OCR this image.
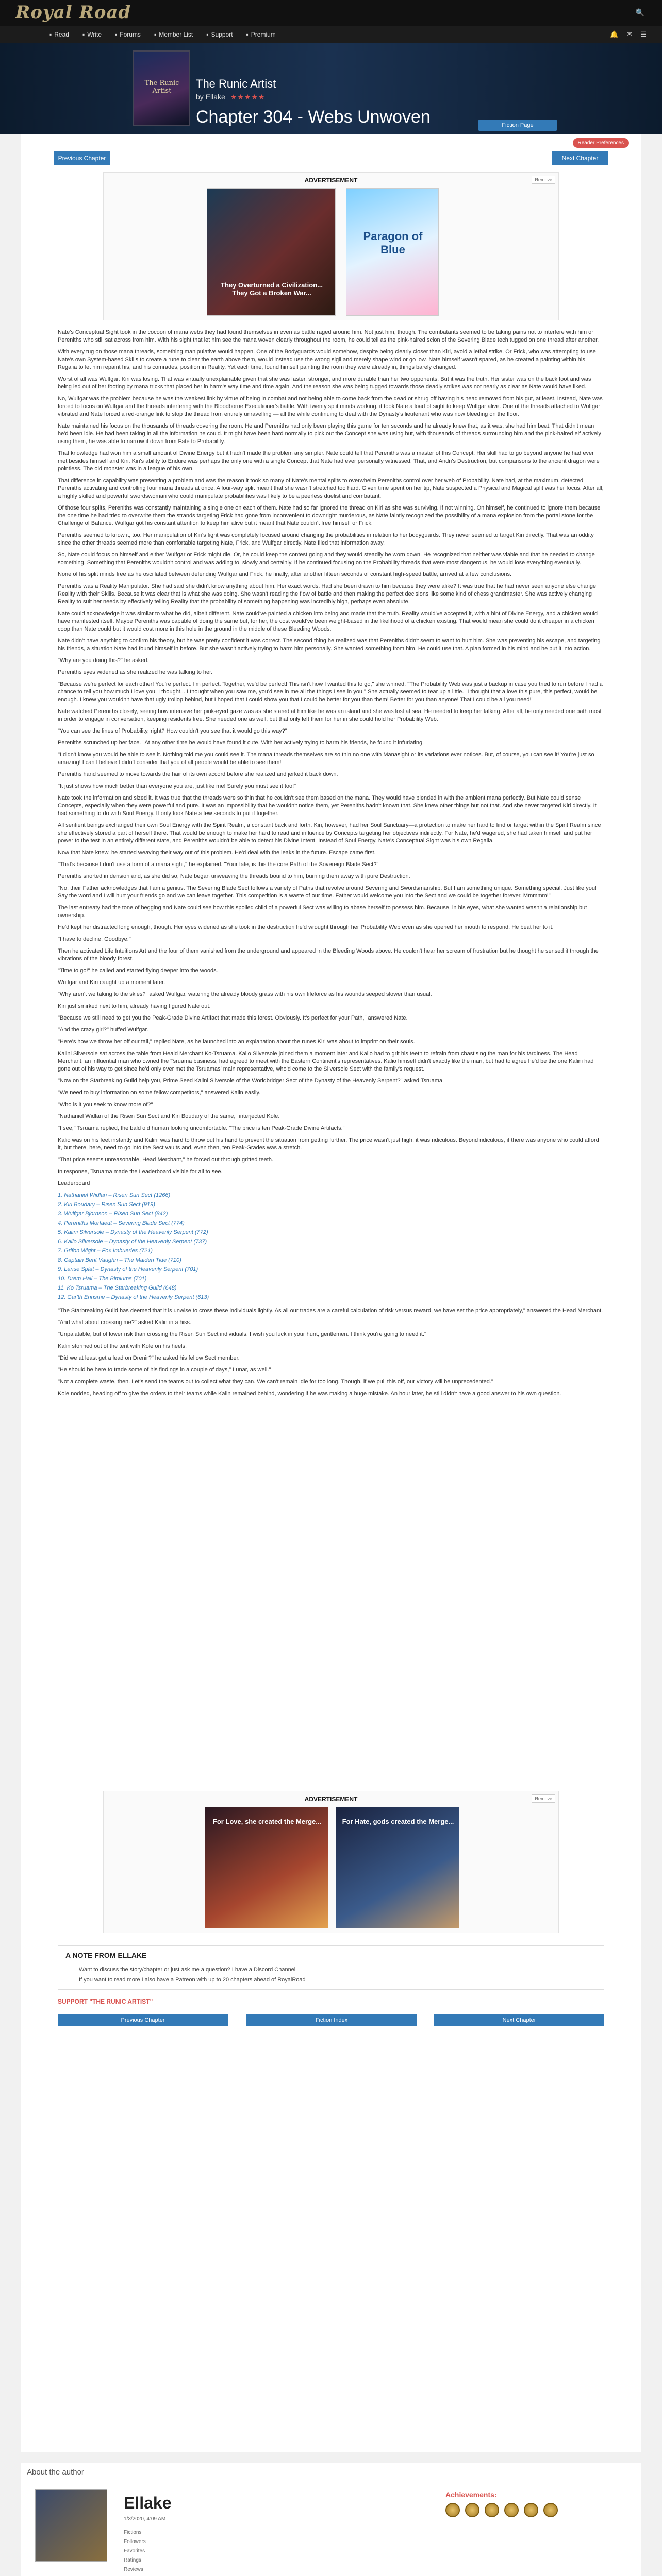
Royal Road	🔍
▪ Read ▪ Write ▪ Forums ▪ Member List ▪ Support ▪ Premium	🔔 ✉ ☰
The Runic Artist
The Runic Artist
by Ellake ★★★★★
Chapter 304 - Webs Unwoven	Fiction Page
Reader Preferences
Previous Chapter	Next Chapter
ADVERTISEMENT	Remove
They Overturned a Civilization... They Got a Broken War...
Paragon of Blue

Nate's Conceptual Sight took in the cocoon of mana webs they had found themselves in even as battle raged around him. Not just him, though. The combatants seemed to be taking pains not to interfere with him or Pereniths who still sat across from him. With his sight that let him see the mana woven clearly throughout the room, he could tell as the pink-haired scion of the Severing Blade tech tugged on one thread after another.

With every tug on those mana threads, something manipulative would happen. One of the Bodyguards would somehow, despite being clearly closer than Kiri, avoid a lethal strike. Or Frick, who was attempting to use Nate's own System-based Skills to create a rune to clear the earth above them, would instead use the wrong sigil and merely shape wind or go low. Nate himself wasn't spared, as he created a painting within his Regalia to let him repaint his, and his comrades, position in Reality. Yet each time, found himself painting the room they were already in, things barely changed.

Worst of all was Wulfgar. Kiri was losing. That was virtually unexplainable given that she was faster, stronger, and more durable than her two opponents. But it was the truth. Her sister was on the back foot and was being led out of her footing by mana tricks that placed her in harm's way time and time again. And the reason she was being tugged towards those deadly strikes was not nearly as clear as Nate would have liked.

No, Wulfgar was the problem because he was the weakest link by virtue of being in combat and not being able to come back from the dead or shrug off having his head removed from his gut, at least. Instead, Nate was forced to focus on Wulfgar and the threads interfering with the Bloodborne Executioner's battle. With twenty split minds working, it took Nate a load of sight to keep Wulfgar alive. One of the threads attached to Wulfgar vibrated and Nate forced a red-orange link to stop the thread from entirely unravelling — all the while continuing to deal with the Dynasty's lieutenant who was now bleeding on the floor.

Nate maintained his focus on the thousands of threads covering the room. He and Pereniths had only been playing this game for ten seconds and he already knew that, as it was, she had him beat. That didn't mean he'd been idle. He had been taking in all the information he could. It might have been hard normally to pick out the Concept she was using but, with thousands of threads surrounding him and the pink-haired elf actively using them, he was able to narrow it down from Fate to Probability.

That knowledge had won him a small amount of Divine Energy but it hadn't made the problem any simpler. Nate could tell that Pereniths was a master of this Concept. Her skill had to go beyond anyone he had ever met besides himself and Kiri. Kiri's ability to Endure was perhaps the only one with a single Concept that Nate had ever personally witnessed. That, and Andri's Destruction, but comparisons to the ancient dragon were pointless. The old monster was in a league of his own.

That difference in capability was presenting a problem and was the reason it took so many of Nate's mental splits to overwhelm Pereniths control over her web of Probability. Nate had, at the maximum, detected Pereniths activating and controlling four mana threads at once. A four-way split meant that she wasn't stretched too hard. Given time spent on her tip, Nate suspected a Physical and Magical split was her focus. After all, a highly skilled and powerful swordswoman who could manipulate probabilities was likely to be a peerless duelist and combatant.

Of those four splits, Pereniths was constantly maintaining a single one on each of them. Nate had so far ignored the thread on Kiri as she was surviving. If not winning. On himself, he continued to ignore them because the one time he had tried to overwrite them the strands targeting Frick had gone from inconvenient to downright murderous, as Nate faintly recognized the possibility of a mana explosion from the portal stone for the Challenge of Balance. Wulfgar got his constant attention to keep him alive but it meant that Nate couldn't free himself or Frick.

Pereniths seemed to know it, too. Her manipulation of Kiri's fight was completely focused around changing the probabilities in relation to her bodyguards. They never seemed to target Kiri directly. That was an oddity since the other threads seemed more than comfortable targeting Nate, Frick, and Wulfgar directly. Nate filed that information away.

So, Nate could focus on himself and either Wulfgar or Frick might die. Or, he could keep the contest going and they would steadily be worn down. He recognized that neither was viable and that he needed to change something. Something that Pereniths wouldn't control and was adding to, slowly and certainly. If he continued focusing on the Probability threads that were most dangerous, he would lose everything eventually.

None of his split minds free as he oscillated between defending Wulfgar and Frick, he finally, after another fifteen seconds of constant high-speed battle, arrived at a few conclusions.

Pereniths was a Reality Manipulator. She had said she didn't know anything about him. Her exact words. Had she been drawn to him because they were alike? It was true that he had never seen anyone else change Reality with their Skills. Because it was clear that is what she was doing. She wasn't reading the flow of battle and then making the perfect decisions like some kind of chess grandmaster. She was actively changing Reality to suit her needs by effectively telling Reality that the probability of something happening was incredibly high, perhaps even absolute.

Nate could acknowledge it was similar to what he did, albeit different. Nate could've painted a chicken into being and made that the truth. Reality would've accepted it, with a hint of Divine Energy, and a chicken would have manifested itself. Maybe Pereniths was capable of doing the same but, for her, the cost would've been weight-based in the likelihood of a chicken existing. That would mean she could do it cheaper in a chicken coop than Nate could but it would cost more in this hole in the ground in the middle of these Bleeding Woods.

Nate didn't have anything to confirm his theory, but he was pretty confident it was correct. The second thing he realized was that Pereniths didn't seem to want to hurt him. She was preventing his escape, and targeting his friends, a situation Nate had found himself in before. But she wasn't actively trying to harm him personally. She wanted something from him. He could use that. A plan formed in his mind and he put it into action.

"Why are you doing this?" he asked.

Pereniths eyes widened as she realized he was talking to her.

"Because we're perfect for each other! You're perfect. I'm perfect. Together, we'd be perfect! This isn't how I wanted this to go," she whined. "The Probability Web was just a backup in case you tried to run before I had a chance to tell you how much I love you. I thought... I thought when you saw me, you'd see in me all the things I see in you." She actually seemed to tear up a little. "I thought that a love this pure, this perfect, would be enough. I knew you wouldn't have that ugly trollop behind, but I hoped that I could show you that I could be better for you than them! Better for you than anyone! That I could be all you need!"

Nate watched Pereniths closely, seeing how intensive her pink-eyed gaze was as she stared at him like he was an island and she was lost at sea. He needed to keep her talking. After all, he only needed one path most in order to engage in conversation, keeping residents free. She needed one as well, but that only left them for her in she could hold her Probability Web.

"You can see the lines of Probability, right? How couldn't you see that it would go this way?"

Pereniths scrunched up her face. "At any other time he would have found it cute. With her actively trying to harm his friends, he found it infuriating.

"I didn't know you would be able to see it. Nothing told me you could see it. The mana threads themselves are so thin no one with Manasight or its variations ever notices. But, of course, you can see it! You're just so amazing! I can't believe I didn't consider that you of all people would be able to see them!"

Pereniths hand seemed to move towards the hair of its own accord before she realized and jerked it back down.

"It just shows how much better than everyone you are, just like me! Surely you must see it too!"

Nate took the information and sized it. It was true that the threads were so thin that he couldn't see them based on the mana. They would have blended in with the ambient mana perfectly. But Nate could sense Concepts, especially when they were powerful and pure. It was an impossibility that he wouldn't notice them, yet Pereniths hadn't known that. She knew other things but not that. And she never targeted Kiri directly. It had something to do with Soul Energy. It only took Nate a few seconds to put it together.

All sentient beings exchanged their own Soul Energy with the Spirit Realm, a constant back and forth. Kiri, however, had her Soul Sanctuary—a protection to make her hard to find or target within the Spirit Realm since she effectively stored a part of herself there. That would be enough to make her hard to read and influence by Concepts targeting her objectives indirectly. For Nate, he'd wagered, she had taken himself and put her power to the test in an entirely different state, and Pereniths wouldn't be able to detect his Divine Intent. Instead of Soul Energy, Nate's Conceptual Sight was his own Regalia.

Now that Nate knew, he started weaving their way out of this problem. He'd deal with the leaks in the future. Escape came first.

"That's because I don't use a form of a mana sight," he explained. "Your fate, is this the core Path of the Sovereign Blade Sect?"

Pereniths snorted in derision and, as she did so, Nate began unweaving the threads bound to him, burning them away with pure Destruction.

"No, their Father acknowledges that I am a genius. The Severing Blade Sect follows a variety of Paths that revolve around Severing and Swordsmanship. But I am something unique. Something special. Just like you! Say the word and I will hurt your friends go and we can leave together. This competition is a waste of our time. Father would welcome you into the Sect and we could be together forever. Mmmmm!"

The last entreaty had the tone of begging and Nate could see how this spoiled child of a powerful Sect was willing to abase herself to possess him. Because, in his eyes, what she wanted wasn't a relationship but ownership.

He'd kept her distracted long enough, though. Her eyes widened as she took in the destruction he'd wrought through her Probability Web even as she opened her mouth to respond. He beat her to it.

"I have to decline. Goodbye."

Then he activated Life Intuitions Art and the four of them vanished from the underground and appeared in the Bleeding Woods above. He couldn't hear her scream of frustration but he thought he sensed it through the vibrations of the bloody forest.

"Time to go!" he called and started flying deeper into the woods.

Wulfgar and Kiri caught up a moment later.

"Why aren't we taking to the skies?" asked Wulfgar, watering the already bloody grass with his own lifeforce as his wounds seeped slower than usual.

Kiri just smirked next to him, already having figured Nate out.

"Because we still need to get you the Peak-Grade Divine Artifact that made this forest. Obviously. It's perfect for your Path," answered Nate.

"And the crazy girl?" huffed Wulfgar.

"Here's how we throw her off our tail," replied Nate, as he launched into an explanation about the runes Kiri was about to imprint on their souls.

Kalini Silversole sat across the table from Heald Merchant Ko-Tsruama. Kalio Silversole joined them a moment later and Kalio had to grit his teeth to refrain from chastising the man for his tardiness. The Head Merchant, an influential man who owned the Tsruama business, had agreed to meet with the Eastern Continent's representatives. Kalio himself didn't exactly like the man, but had to agree he'd be the one Kalini had gone out of his way to get since he'd only ever met the Tsruamas' main representative, who'd come to the Silversole Sect with the family's request.

"Now on the Starbreaking Guild help you, Prime Seed Kalini Silversole of the Worldbridger Sect of the Dynasty of the Heavenly Serpent?" asked Tsruama.

"We need to buy information on some fellow competitors," answered Kalin easily.

"Who is it you seek to know more of?"

"Nathaniel Widlan of the Risen Sun Sect and Kiri Boudary of the same," interjected Kole.

"I see," Tsruama replied, the bald old human looking uncomfortable. "The price is ten Peak-Grade Divine Artifacts."

Kalio was on his feet instantly and Kalini was hard to throw out his hand to prevent the situation from getting further. The price wasn't just high, it was ridiculous. Beyond ridiculous, if there was anyone who could afford it, but there, here, need to go into the Sect vaults and, even then, ten Peak-Grades was a stretch.

"That price seems unreasonable, Head Merchant," he forced out through gritted teeth.

In response, Tsruama made the Leaderboard visible for all to see.

Leaderboard

1. Nathaniel Widlan – Risen Sun Sect (1266)
2. Kiri Boudary – Risen Sun Sect (919)
3. Wulfgar Bjornson – Risen Sun Sect (842)
4. Pereniths Morfaedt – Severing Blade Sect (774)
5. Kalini Silversole – Dynasty of the Heavenly Serpent (772)
6. Kalio Silversole – Dynasty of the Heavenly Serpent (737)
7. Grifon Wight – Fox Imbueries (721)
8. Captain Bent Vaughn – The Maiden Tide (710)
9. Lanse Splat – Dynasty of the Heavenly Serpent (701)
10. Drem Hall – The Bimlums (701)
11. Ko Tsruama – The Starbreaking Guild (648)
12. Gar'th Ennsme – Dynasty of the Heavenly Serpent (613)

"The Starbreaking Guild has deemed that it is unwise to cross these individuals lightly. As all our trades are a careful calculation of risk versus reward, we have set the price appropriately," answered the Head Merchant.

"And what about crossing me?" asked Kalin in a hiss.

"Unpalatable, but of lower risk than crossing the Risen Sun Sect individuals. I wish you luck in your hunt, gentlemen. I think you're going to need it."

Kalin stormed out of the tent with Kole on his heels.

"Did we at least get a lead on Drenir?" he asked his fellow Sect member.

"He should be here to trade some of his findings in a couple of days," Lunar, as well."

"Not a complete waste, then. Let's send the teams out to collect what they can. We can't remain idle for too long. Though, if we pull this off, our victory will be unprecedented."

Kole nodded, heading off to give the orders to their teams while Kalin remained behind, wondering if he was making a huge mistake. An hour later, he still didn't have a good answer to his own question.

ADVERTISEMENT	Remove
For Love, she created the Merge...	For Hate, gods created the Merge...
A NOTE FROM ELLAKE
Want to discuss the story/chapter or just ask me a question? I have a Discord Channel
If you want to read more I also have a Patreon with up to 20 chapters ahead of RoyalRoad
SUPPORT "THE RUNIC ARTIST"
Previous Chapter	Fiction Index	Next Chapter
About the author
Ellake
1/3/2020, 4:09 AM
Fictions
Followers
Favorites
Ratings
Reviews
Achievements:
